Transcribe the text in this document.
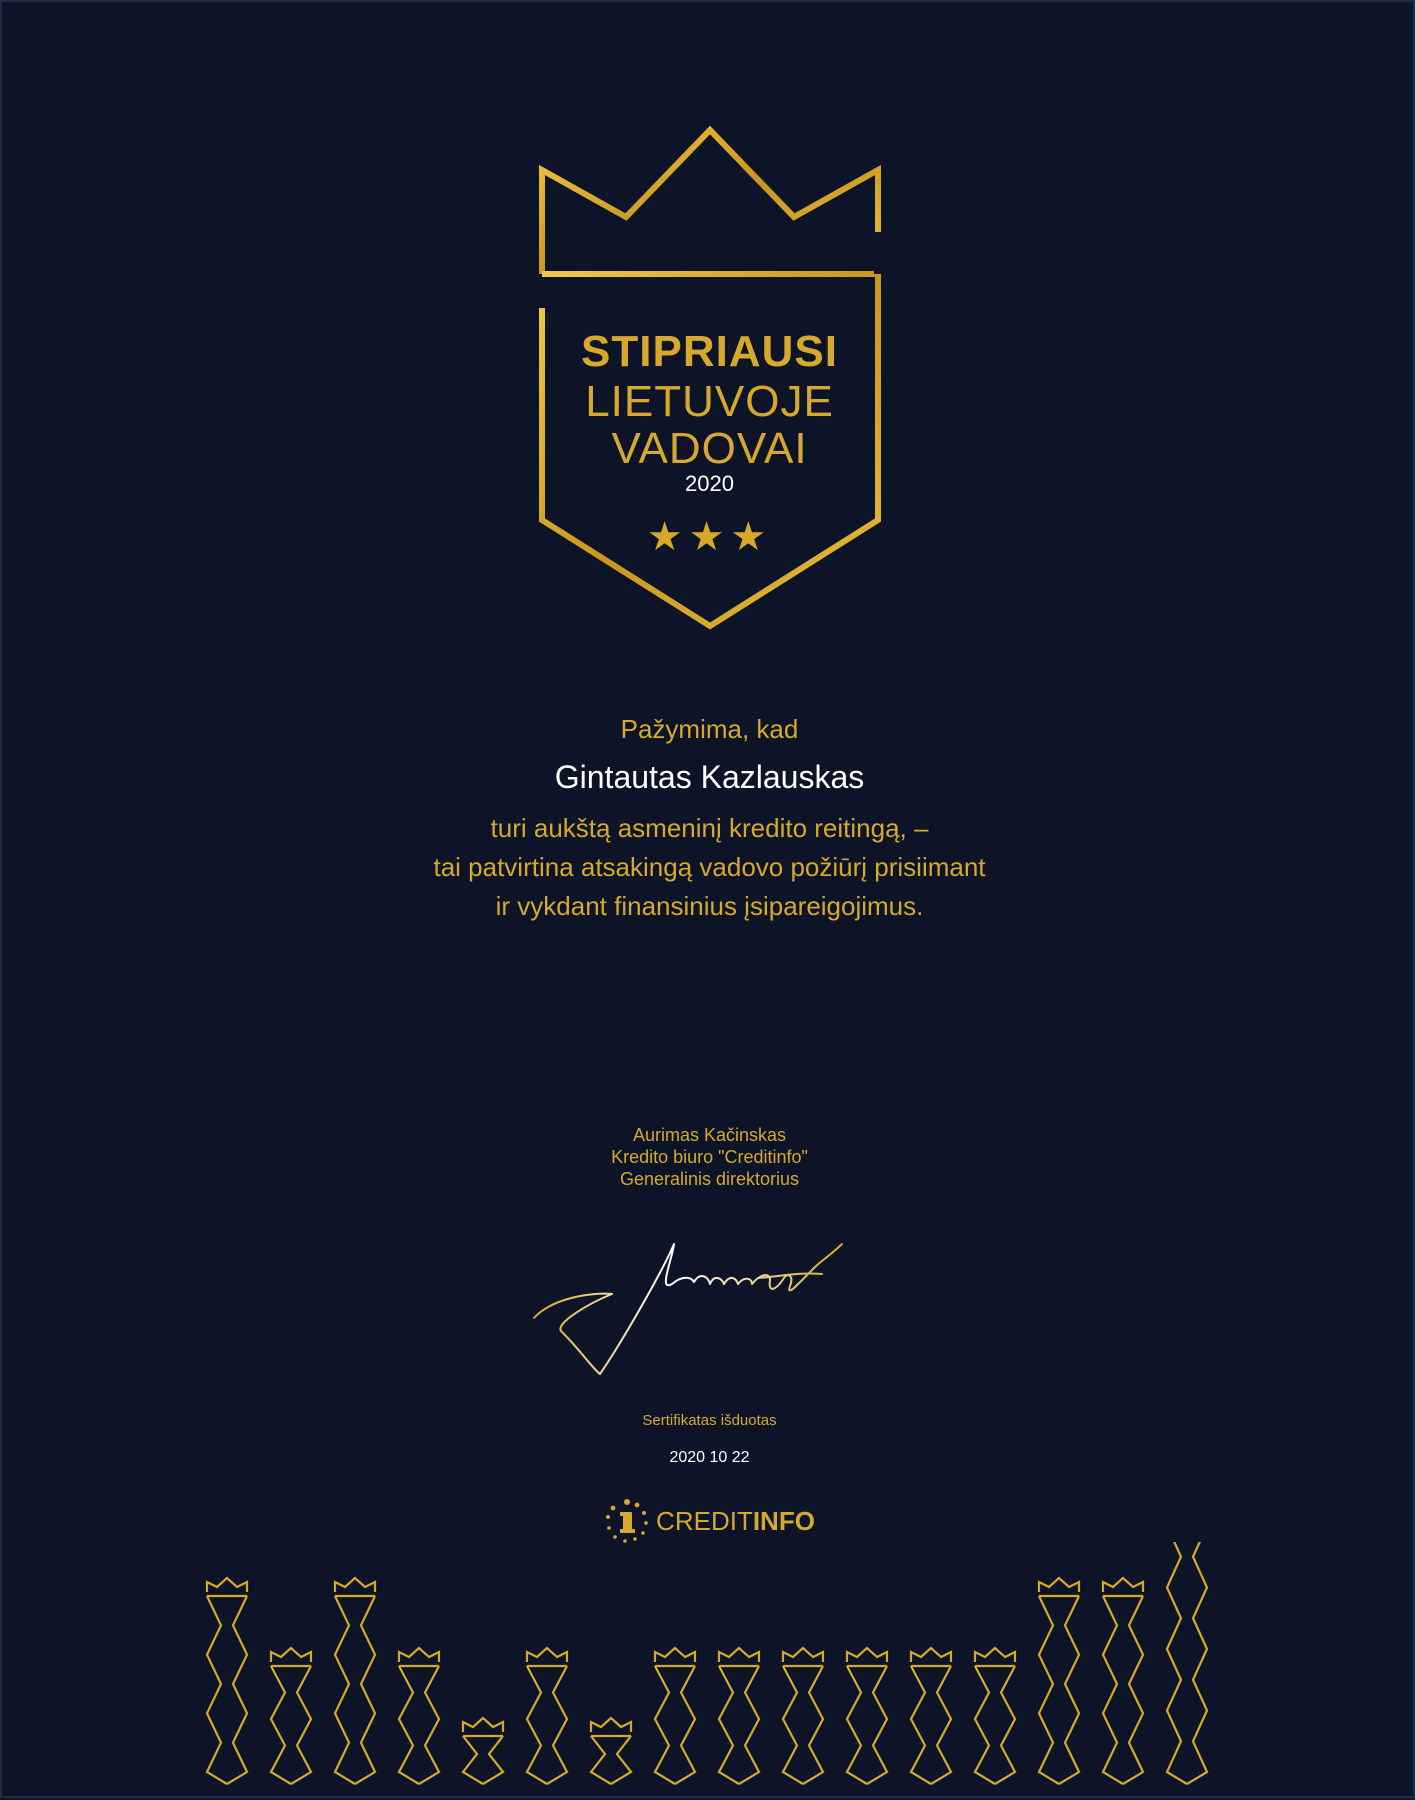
STIPRIAUSI

LIETUVOJE

VADOVAI

2020

★★★

Pažymima, kad

Gintautas Kazlauskas

turi aukštą asmeninį kredito reitingą, –

tai patvirtina atsakingą vadovo požiūrį prisiimant

ir vykdant finansinius įsipareigojimus.

Aurimas Kačinskas

Kredito biuro "Creditinfo"

Generalinis direktorius

Sertifikatas išduotas

2020 10 22

CREDITINFO
